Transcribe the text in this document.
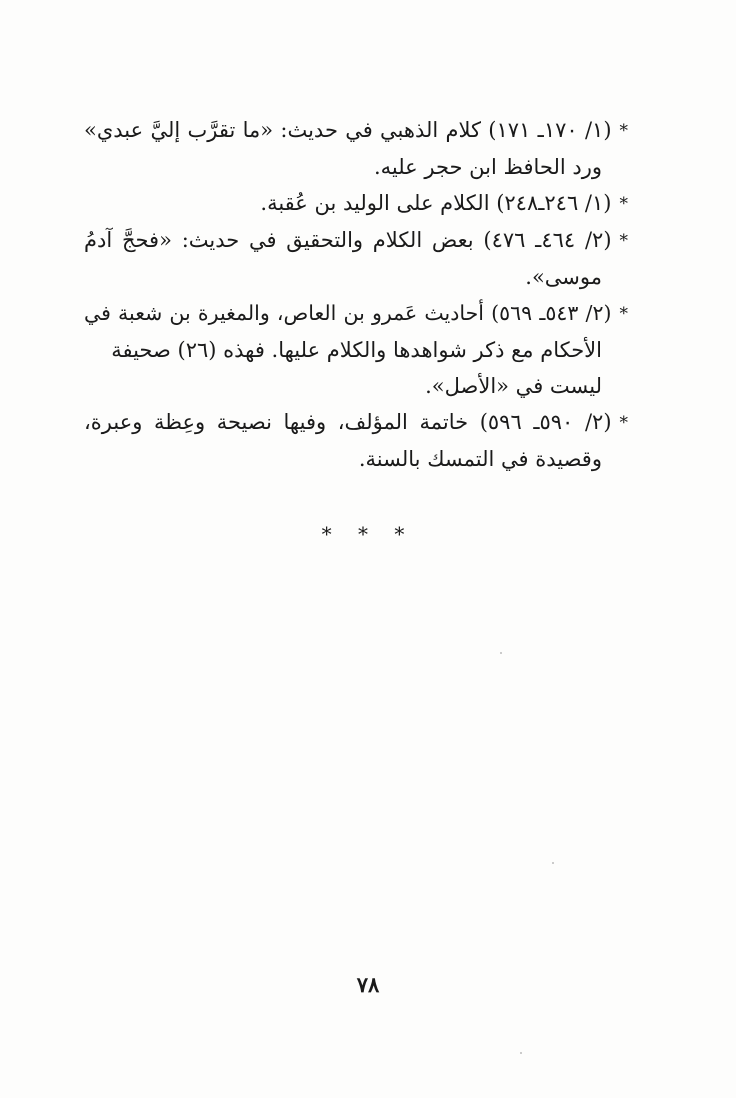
*(١/ ١٧٠ـ ١٧١) كلام الذهبي في حديث: «ما تقرَّب إليَّ عبدي»
ورد الحافظ ابن حجر عليه.
*(١/ ٢٤٦ـ٢٤٨) الكلام على الوليد بن عُقبة.
*(٢/ ٤٦٤ـ ٤٧٦) بعض الكلام والتحقيق في حديث: «فحجَّ آدمُ
موسى».
*(٢/ ٥٤٣ـ ٥٦٩) أحاديث عَمرو بن العاص، والمغيرة بن شعبة في
الأحكام مع ذكر شواهدها والكلام عليها. فهذه (٢٦) صحيفة
ليست في «الأصل».
*(٢/ ٥٩٠ـ ٥٩٦) خاتمة المؤلف، وفيها نصيحة وعِظة وعبرة،
وقصيدة في التمسك بالسنة.
* * *
٧٨
